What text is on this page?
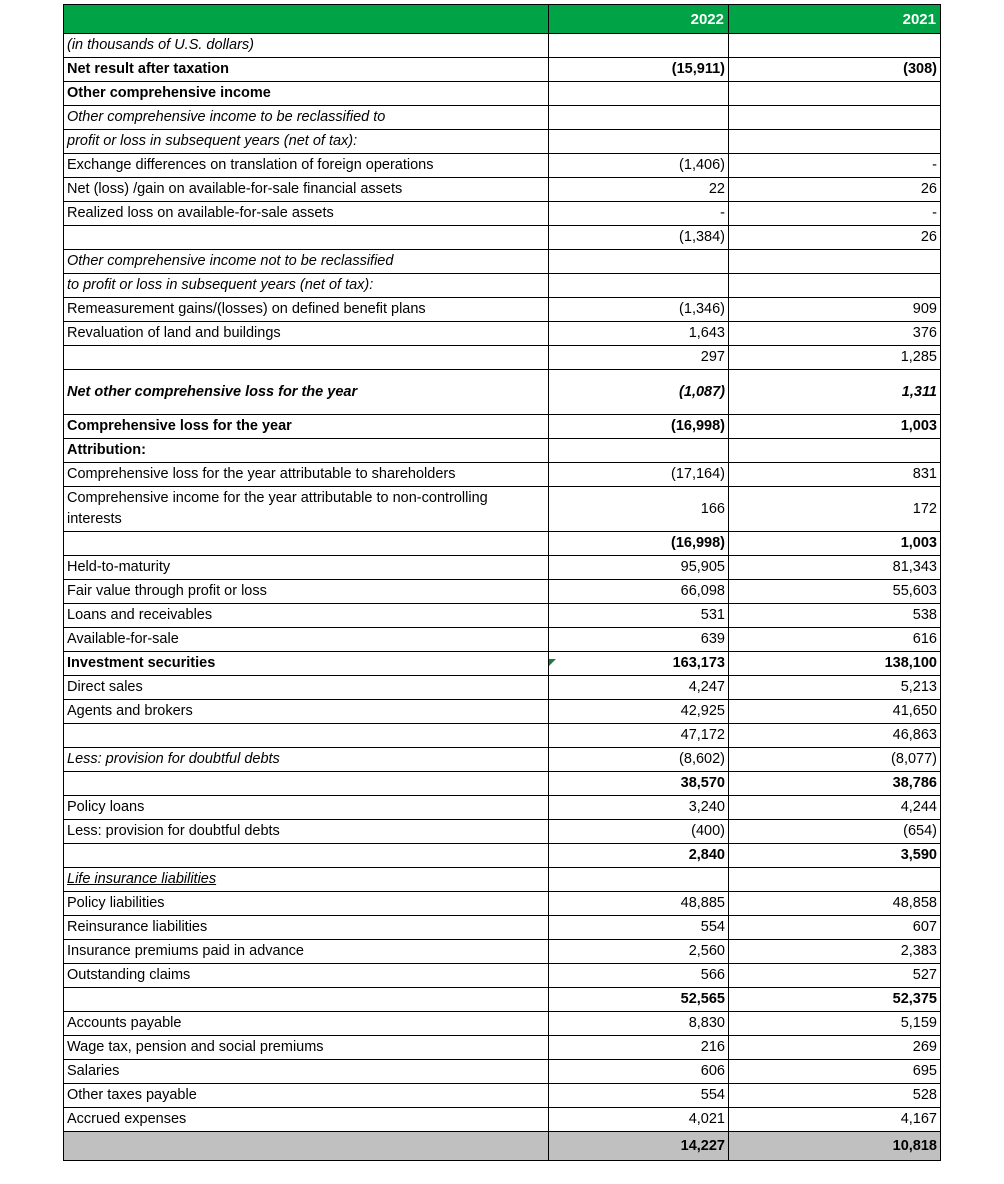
	2022	2021
(in thousands of U.S. dollars)		
Net result after taxation	(15,911)	(308)
Other comprehensive income		
Other comprehensive income to be reclassified to		
profit or loss in subsequent years (net of tax):		
Exchange differences on translation of foreign operations	(1,406)	-
Net (loss) /gain on available-for-sale financial assets	22	26
Realized loss on available-for-sale assets	-	-
	(1,384)	26
Other comprehensive income not to be reclassified		
to profit or loss in subsequent years (net of tax):		
Remeasurement gains/(losses) on defined benefit plans	(1,346)	909
Revaluation of land and buildings	1,643	376
	297	1,285
Net other comprehensive loss for the year	(1,087)	1,311
Comprehensive loss for the year	(16,998)	1,003
Attribution:		
Comprehensive loss for the year attributable to shareholders	(17,164)	831
Comprehensive income for the year attributable to non-controlling interests	166	172
	(16,998)	1,003
Held-to-maturity	95,905	81,343
Fair value through profit or loss	66,098	55,603
Loans and receivables	531	538
Available-for-sale	639	616
Investment securities	163,173	138,100
Direct sales	4,247	5,213
Agents and brokers	42,925	41,650
	47,172	46,863
Less: provision for doubtful debts	(8,602)	(8,077)
	38,570	38,786
Policy loans	3,240	4,244
Less: provision for doubtful debts	(400)	(654)
	2,840	3,590
Life insurance liabilities		
Policy liabilities	48,885	48,858
Reinsurance liabilities	554	607
Insurance premiums paid in advance	2,560	2,383
Outstanding claims	566	527
	52,565	52,375
Accounts payable	8,830	5,159
Wage tax, pension and social premiums	216	269
Salaries	606	695
Other taxes payable	554	528
Accrued expenses	4,021	4,167
	14,227	10,818
